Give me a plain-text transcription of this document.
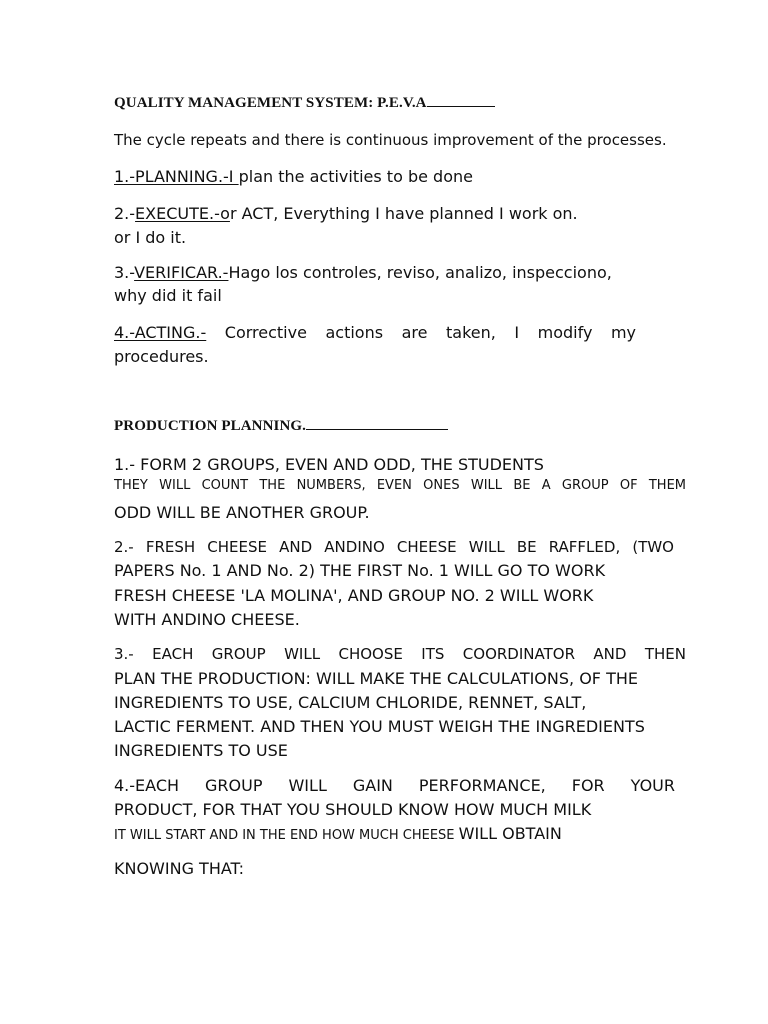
QUALITY MANAGEMENT SYSTEM: P.E.V.A
The cycle repeats and there is continuous improvement of the processes.
1.-PLANNING.-I plan the activities to be done
2.-EXECUTE.-or ACT, Everything I have planned I work on.
or I do it.
3.-VERIFICAR.-Hago los controles, reviso, analizo, inspecciono,
why did it fail
4.-ACTING.- Corrective actions are taken, I modify my
procedures.
PRODUCTION PLANNING.
1.- FORM 2 GROUPS, EVEN AND ODD, THE STUDENTS
THEY WILL COUNT THE NUMBERS, EVEN ONES WILL BE A GROUP OF THEM
ODD WILL BE ANOTHER GROUP.
2.- FRESH CHEESE AND ANDINO CHEESE WILL BE RAFFLED, (TWO
PAPERS No. 1 AND No. 2) THE FIRST No. 1 WILL GO TO WORK
FRESH CHEESE 'LA MOLINA', AND GROUP NO. 2 WILL WORK
WITH ANDINO CHEESE.
3.- EACH GROUP WILL CHOOSE ITS COORDINATOR AND THEN
PLAN THE PRODUCTION: WILL MAKE THE CALCULATIONS, OF THE
INGREDIENTS TO USE, CALCIUM CHLORIDE, RENNET, SALT,
LACTIC FERMENT. AND THEN YOU MUST WEIGH THE INGREDIENTS
INGREDIENTS TO USE
4.-EACH GROUP WILL GAIN PERFORMANCE, FOR YOUR
PRODUCT, FOR THAT YOU SHOULD KNOW HOW MUCH MILK
IT WILL START AND IN THE END HOW MUCH CHEESE WILL OBTAIN
KNOWING THAT:
